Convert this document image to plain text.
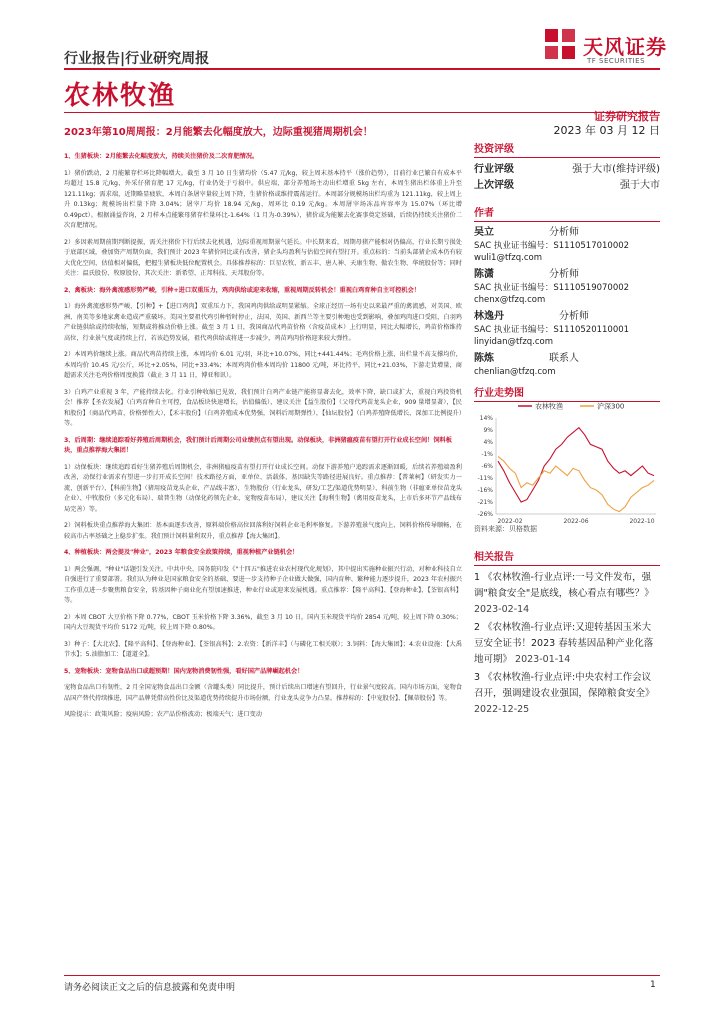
天风证券
TF SECURITIES
行业报告|行业研究周报
农林牧渔
证券研究报告
2023年第10周周报：2月能繁去化幅度放大，边际重视猪周期机会！	2023 年 03 月 12 日
1、生猪板块：2月能繁去化幅度放大，持续关注猪价及二次育肥情况。
1）猪价跌动，2 月能繁存栏环比降幅增大。截至 3 月 10 日生猪均价（5.47 元/kg，较上周末基本持平（涨价趋势），目前行业已繁自有成本平均超过 15.8 元/kg，外采仔猪育肥 17 元/kg，行业仍处于亏损中。供应端，部分养殖场主动出栏增重 5kg 左右，本周生猪出栏体重上升至 121.11kg；需求端，近期略显疲软，本周白条屠宰量较上周下降，生猪价格或维持震荡运行。本周部分规模场出栏均重为 121.11kg，较上周上升 0.13kg；规模场出栏量下降 3.04%；屠宰厂均价 18.94 元/kg，周环比 0.19 元/kg。本周屠宰场冻品库容率为 15.07%（环比增 0.49pct）。根据涌益咨询，2 月样本点能繁母猪存栏量环比-1.64%（1 月为-0.39%），猪价或为能繁去化赛事奠定基础，后续仍持续关注猪价二次育肥情况。
2）多因素周期前期判断提振，需关注猪价下行后续去化机遇，边际重视周期景气延长。中长期来看，周期母猪产能相对仍偏高，行业长期亏损处于底部区域，叠加资产周期负面，我们预计 2023 年猪价同比或有改善，猪企头均盈利与估值空间有望打开。重点标的：当前头部猪企成本仍有较大优化空间，估值相对偏低，把握生猪板块低位配置机会。具体推荐标的：巨星农牧、新五丰、唐人神、天康生物、傲农生物、华统股份等；同时关注：温氏股份、牧原股份，其次关注：新希望、正邦科技、天邦股份等。
2、禽板块：海外禽流感形势严峻，引种+进口双重压力，鸡肉供给或迎来收缩，重视周期反转机会！重视白鸡育种自主可控机会！
1）海外禽流感形势严峻，【引种】+【进口鸡肉】双重压力下，我国鸡肉供给或明显紧缩。全球正经历一场有史以来最严重的禽流感，对美国、欧洲、南美等多地家禽业造成严重破坏。美国主要祖代鸡引种暂时停止，法国、英国、新西兰等主要引种地也受到影响，叠加鸡肉进口受阻，白羽鸡产业链供给或持续收缩，短期或将推动价格上涨。截至 3 月 1 日，我国商品代鸡苗价格（含疫苗成本）上行明显，同比大幅增长，鸡苗价格维持高位，行业景气度或持续上行，若该趋势发展，祖代鸡供给或将进一步减少，鸡苗鸡肉价格迎来较大弹性。
2）本周鸡价继续上涨。商品代鸡苗持续上涨，本周均价 6.01 元/羽，环比+10.07%，同比+441.44%；毛鸡价格上涨，出栏量不高支撑均价，本周均价 10.45 元/公斤，环比+2.05%，同比+33.4%；本周鸡肉价格本周均价 11800 元/吨，环比持平，同比+21.03%，下游走货增量，商超需求关注毛鸡价格周度换算（截止 3 月 11 日，博亚和讯）。
3）白鸡产业重视 3 年，产能持续去化。行业引种收缩已见效，我们预计白鸡产业链产能将显著去化，效率下降，缺口或扩大，重视白鸡投资机会！推荐【圣农发展】（白鸡育种自主可控，食品板块快速增长，估值偏低），建议关注【益生股份】（父母代鸡苗龙头企业，909 量增显著），【民和股份】（商品代鸡苗，价格弹性大），【禾丰股份】（白鸡养殖成本优势强，饲料后周期弹性），【仙坛股份】（白鸡养殖降低增长，深加工比例提升）等。
3、后周期：继续追踪看好养殖后周期机会，我们预计后周期公司业绩拐点有望出现。动保板块，非洲猪瘟疫苗有望打开行业成长空间！饲料板块，重点推荐海大集团！
1）动保板块：继续追踪看好生猪养殖后周期机会，非洲猪瘟疫苗有望打开行业成长空间。动保下游养殖户追踪需求逐渐回暖，后续若养殖端盈利改善，动保行业需求有望进一步打开成长空间！技术路径方面，亚单位、活载体、基因缺失等路径进展良好。重点推荐：【普莱柯】（研发实力一流，创新平台）、【科前生物】（猪用疫苗龙头企业，产品线丰富），生物股份（行业龙头，研发/工艺/渠道优势明显）、科前生物（非瘟亚单位苗龙头企业）、中牧股份（多元化布局）、瑞普生物（动保化药领先企业，宠物疫苗布局），建议关注【海利生物】（禽用疫苗龙头，上市后多环节产品线布局完善）等。
2）饲料板块重点推荐海大集团：基本面逐步改善，原料端价格高位回落利好饲料企业毛利率修复。下游养殖景气度向上，饲料价格传导顺畅，在较高市占率基础之上稳步扩张。我们预计饲料量利双升，重点推荐【海大集团】。
4、种植板块：两会提及"种业"，2023 年粮食安全政策持续，重视种植产业链机会！
1）两会强调，"种业"话题引发关注。中共中央、国务院印发《"十四五"推进农业农村现代化规划》，其中提出实施种业振兴行动，对种业科技自立自强进行了重要部署。我们认为种业是国家粮食安全的基础，要进一步支持种子企业做大做强，国内育种、繁种能力逐步提升，2023 年农村振兴工作重点进一步聚焦粮食安全，转基因种子商业化有望加速推进，种业行业或迎来发展机遇。重点推荐：【隆平高科】、【登海种业】、【荃银高科】等。
2）本周 CBOT 大豆价格下降 0.77%，CBOT 玉米价格下降 3.36%，截至 3 月 10 日，国内玉米现货平均价 2854 元/吨，较上周下降 0.30%；国内大豆现货平均价 5172 元/吨，较上周下降 0.80%。
3）种子：【大北农】、【隆平高科】、【登海种业】、【荃银高科】；2.农资：【新洋丰】（与磷化工相关联）；3.饲料：【海大集团】；4.农业设施：【大禹节水】；5.油脂加工：【道道全】。
5、宠物板块：宠物食品出口或超预期！国内宠物消费韧性强，看好国产品牌崛起机会！
宠物食品出口有韧性，2 月全国宠物食品出口金额（含罐头类）同比提升，预计后续出口增速有望回升，行业景气度较高。国内市场方面，宠物食品国产替代持续推进，国产品牌凭借高性价比及渠道优势持续提升市场份额，行业龙头竞争力凸显。推荐标的：【中宠股份】、【佩蒂股份】等。
风险提示：政策风险；疫病风险；农产品价格波动；极端天气；进口变动
投资评级
行业评级	强于大市(维持评级)
上次评级	强于大市
作者
吴立	分析师
SAC 执业证书编号：S1110517010002
wuli1@tfzq.com
陈潇	分析师
SAC 执业证书编号：S1110519070002
chenx@tfzq.com
林逸丹	分析师
SAC 执业证书编号：S1110520110001
linyidan@tfzq.com
陈炼	联系人
chenlian@tfzq.com
行业走势图
14%
9%
4%
-1%
-6%
-11%
-16%
-21%
-26%
2022-02	2022-06	2022-10
农林牧渔	沪深300
资料来源：贝格数据
相关报告
1 《农林牧渔-行业点评:一号文件发布，强调"粮食安全"是底线，核心看点有哪些？》 2023-02-14
2 《农林牧渔-行业点评:又迎转基因玉米大豆安全证书！2023 春转基因品种产业化落地可期》 2023-01-14
3 《农林牧渔-行业点评:中央农村工作会议召开，强调建设农业强国，保障粮食安全》 2022-12-25
请务必阅读正文之后的信息披露和免责申明	1
